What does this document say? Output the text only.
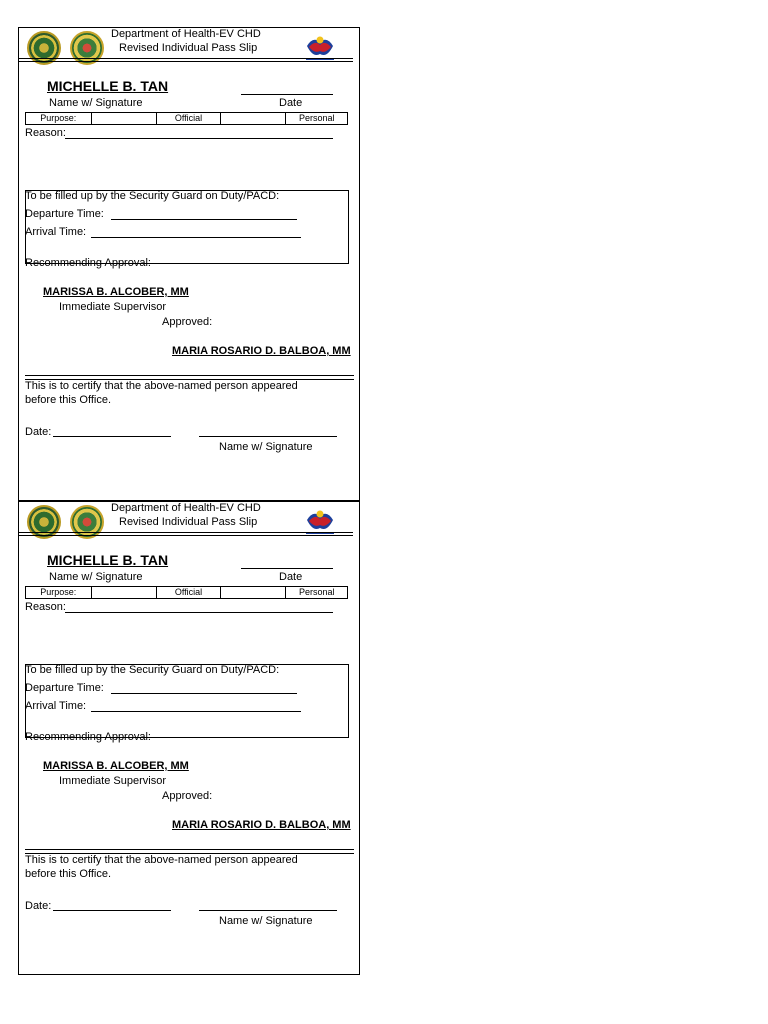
Department of Health-EV CHD
Revised Individual Pass Slip
MICHELLE B. TAN
Name w/ Signature	Date
Purpose:		Official		Personal
Reason:
To be filled up by the Security Guard on Duty/PACD:
Departure Time:
Arrival Time:
Recommending Approval:
MARISSA B. ALCOBER, MM
Immediate Supervisor
Approved:
MARIA ROSARIO D. BALBOA, MM
This is to certify that the above-named person appeared
before this Office.
Date:
Name w/ Signature
Department of Health-EV CHD
Revised Individual Pass Slip
MICHELLE B. TAN
Name w/ Signature	Date
Purpose:		Official		Personal
Reason:
To be filled up by the Security Guard on Duty/PACD:
Departure Time:
Arrival Time:
Recommending Approval:
MARISSA B. ALCOBER, MM
Immediate Supervisor
Approved:
MARIA ROSARIO D. BALBOA, MM
This is to certify that the above-named person appeared
before this Office.
Date:
Name w/ Signature
